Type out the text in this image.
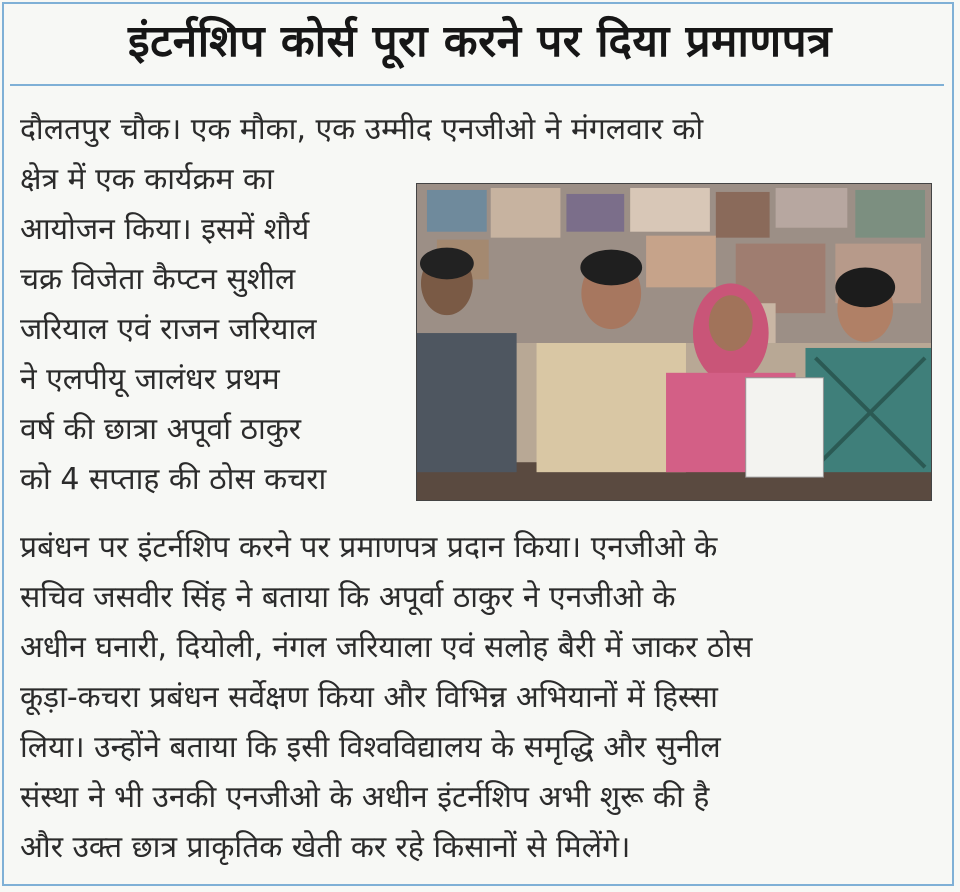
इंटर्नशिप कोर्स पूरा करने पर दिया प्रमाणपत्र
दौलतपुर चौक। एक मौका, एक उम्मीद एनजीओ ने मंगलवार को
क्षेत्र में एक कार्यक्रम का
आयोजन किया। इसमें शौर्य
चक्र विजेता कैप्टन सुशील
जरियाल एवं राजन जरियाल
ने एलपीयू जालंधर प्रथम
वर्ष की छात्रा अपूर्वा ठाकुर
को 4 सप्ताह की ठोस कचरा
प्रबंधन पर इंटर्नशिप करने पर प्रमाणपत्र प्रदान किया। एनजीओ के
सचिव जसवीर सिंह ने बताया कि अपूर्वा ठाकुर ने एनजीओ के
अधीन घनारी, दियोली, नंगल जरियाला एवं सलोह बैरी में जाकर ठोस
कूड़ा-कचरा प्रबंधन सर्वेक्षण किया और विभिन्न अभियानों में हिस्सा
लिया। उन्होंने बताया कि इसी विश्वविद्यालय के समृद्धि और सुनील
संस्था ने भी उनकी एनजीओ के अधीन इंटर्नशिप अभी शुरू की है
और उक्त छात्र प्राकृतिक खेती कर रहे किसानों से मिलेंगे।
